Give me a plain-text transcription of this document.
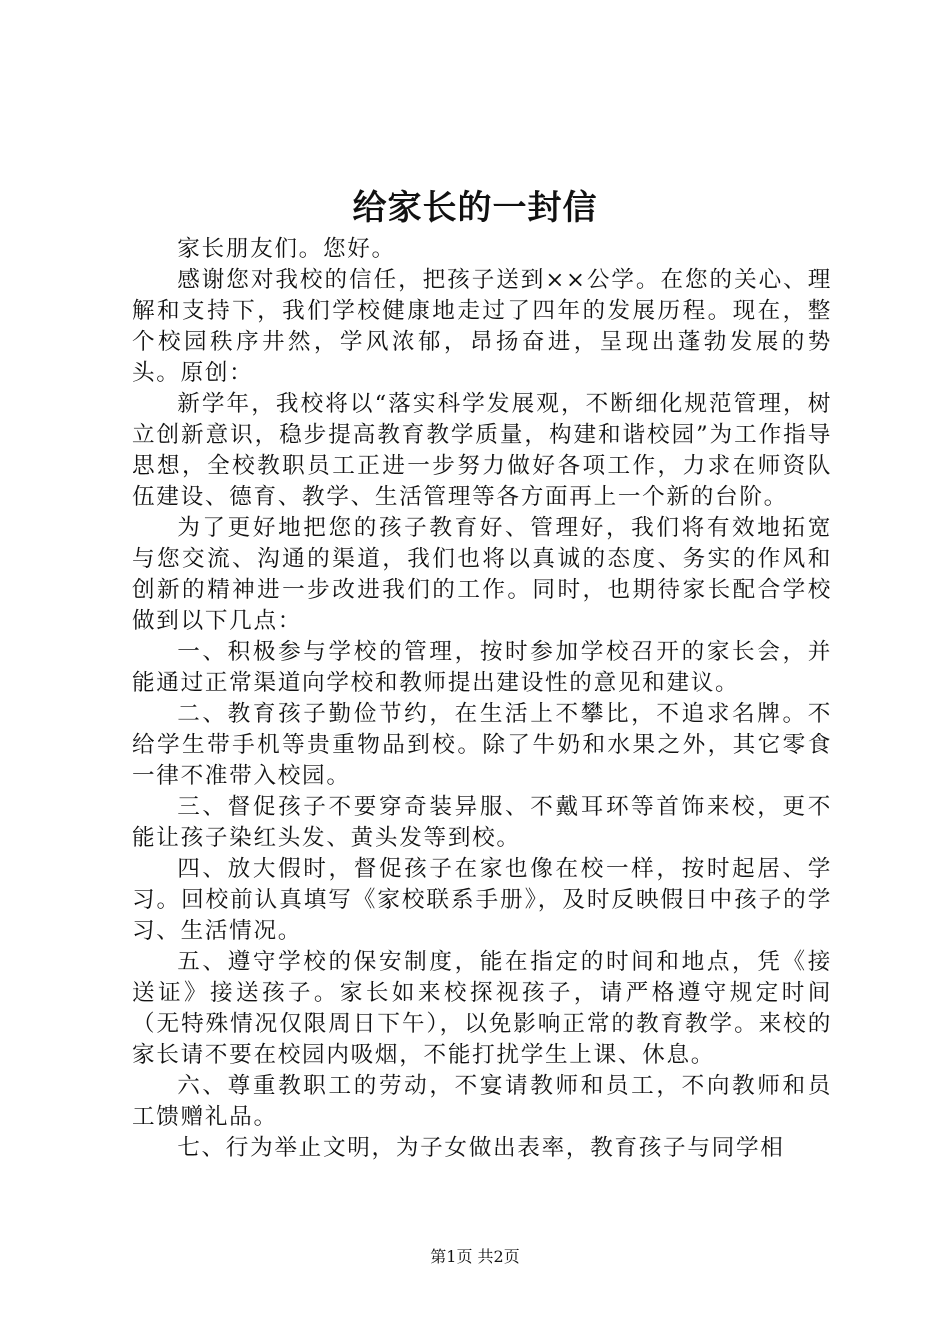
给家长的一封信

家长朋友们。您好。

感谢您对我校的信任，把孩子送到××公学。在您的关心、理解和支持下，我们学校健康地走过了四年的发展历程。现在，整个校园秩序井然，学风浓郁，昂扬奋进，呈现出蓬勃发展的势头。原创：

新学年，我校将以“落实科学发展观，不断细化规范管理，树立创新意识，稳步提高教育教学质量，构建和谐校园”为工作指导思想，全校教职员工正进一步努力做好各项工作，力求在师资队伍建设、德育、教学、生活管理等各方面再上一个新的台阶。

为了更好地把您的孩子教育好、管理好，我们将有效地拓宽与您交流、沟通的渠道，我们也将以真诚的态度、务实的作风和创新的精神进一步改进我们的工作。同时，也期待家长配合学校做到以下几点：

一、积极参与学校的管理，按时参加学校召开的家长会，并能通过正常渠道向学校和教师提出建设性的意见和建议。

二、教育孩子勤俭节约，在生活上不攀比，不追求名牌。不给学生带手机等贵重物品到校。除了牛奶和水果之外，其它零食一律不准带入校园。

三、督促孩子不要穿奇装异服、不戴耳环等首饰来校，更不能让孩子染红头发、黄头发等到校。

四、放大假时，督促孩子在家也像在校一样，按时起居、学习。回校前认真填写《家校联系手册》，及时反映假日中孩子的学习、生活情况。

五、遵守学校的保安制度，能在指定的时间和地点，凭《接送证》接送孩子。家长如来校探视孩子，请严格遵守规定时间（无特殊情况仅限周日下午），以免影响正常的教育教学。来校的家长请不要在校园内吸烟，不能打扰学生上课、休息。

六、尊重教职工的劳动，不宴请教师和员工，不向教师和员工馈赠礼品。

七、行为举止文明，为子女做出表率，教育孩子与同学相

第1页 共2页
